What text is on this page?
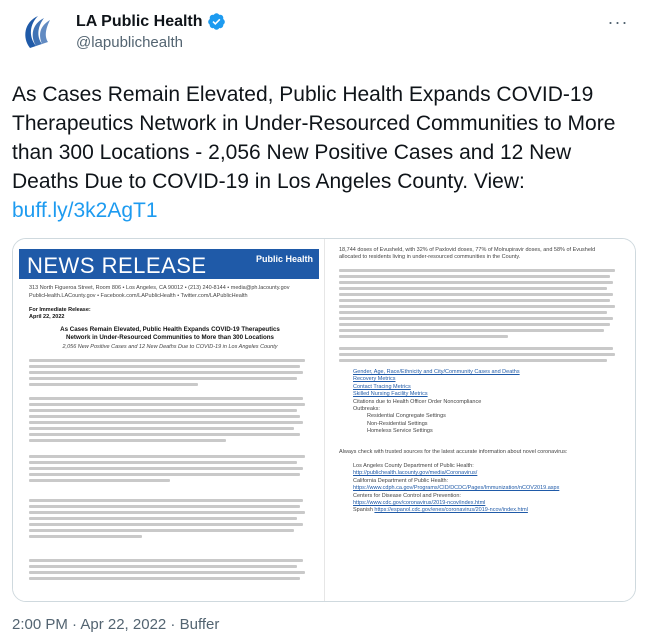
LA Public Health
@lapublichealth
···
As Cases Remain Elevated, Public Health Expands COVID-19 Therapeutics Network in Under-Resourced Communities to More than 300 Locations - 2,056 New Positive Cases and 12 New Deaths Due to COVID-19 in Los Angeles County. View: buff.ly/3k2AgT1
NEWS RELEASE	Public Health
313 North Figueroa Street, Room 806 • Los Angeles, CA 90012 • (213) 240-8144 • media@ph.lacounty.gov
PublicHealth.LACounty.gov • Facebook.com/LAPublicHealth • Twitter.com/LAPublicHealth
For Immediate Release:
April 22, 2022
As Cases Remain Elevated, Public Health Expands COVID-19 Therapeutics
Network in Under-Resourced Communities to More than 300 Locations
2,056 New Positive Cases and 12 New Deaths Due to COVID-19 in Los Angeles County
18,744 doses of Evusheld, with 32% of Paxlovid doses, 77% of Molnupiravir doses, and 58% of Evusheld
allocated to residents living in under-resourced communities in the County.
Gender, Age, Race/Ethnicity and City/Community Cases and Deaths
Recovery Metrics
Contact Tracing Metrics
Skilled Nursing Facility Metrics
Citations due to Health Officer Order Noncompliance
Outbreaks:
Residential Congregate Settings
Non-Residential Settings
Homeless Service Settings
Always check with trusted sources for the latest accurate information about novel coronavirus:
Los Angeles County Department of Public Health:
http://publichealth.lacounty.gov/media/Coronavirus/
California Department of Public Health:
https://www.cdph.ca.gov/Programs/CID/DCDC/Pages/Immunization/nCOV2019.aspx
Centers for Disease Control and Prevention:
https://www.cdc.gov/coronavirus/2019-ncov/index.html
Spanish https://espanol.cdc.gov/enes/coronavirus/2019-ncov/index.html
2:00 PM · Apr 22, 2022 · Buffer
